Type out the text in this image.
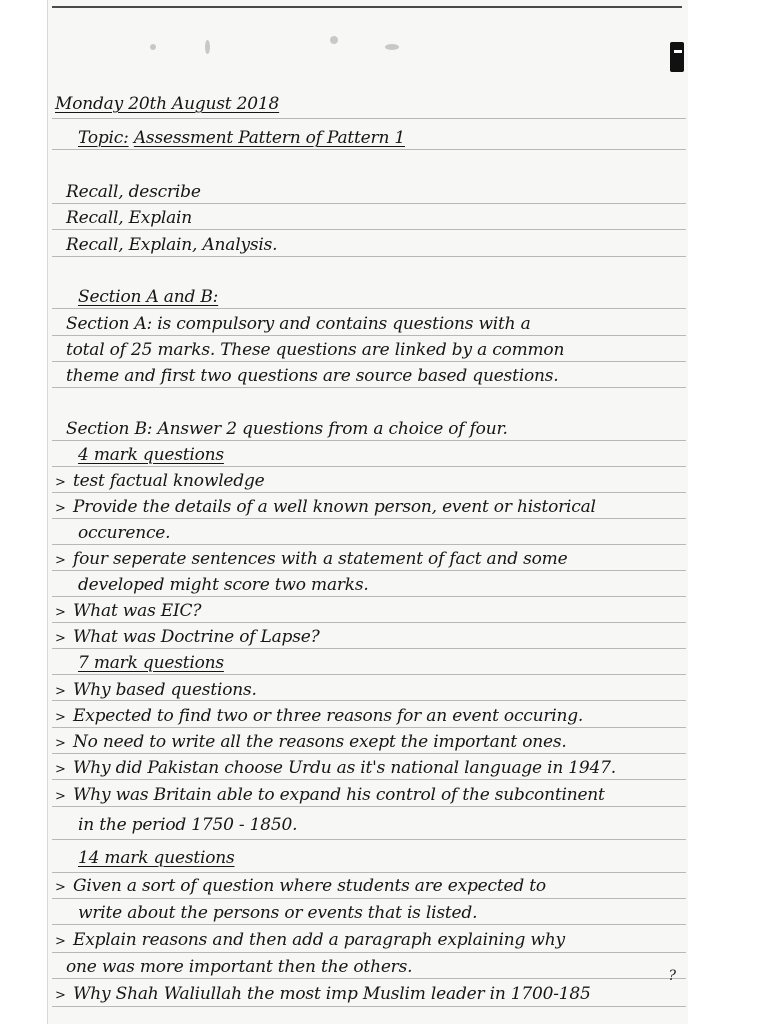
Monday 20th August 2018
Topic: Assessment Pattern of Pattern 1
Recall, describe
Recall, Explain
Recall, Explain, Analysis.
Section A and B:
Section A: is compulsory and contains questions with a
total of 25 marks. These questions are linked by a common
theme and first two questions are source based questions.
Section B: Answer 2 questions from a choice of four.
4 mark questions
> test factual knowledge
> Provide the details of a well known person, event or historical
occurence.
> four seperate sentences with a statement of fact and some
developed might score two marks.
> What was EIC?
> What was Doctrine of Lapse?
7 mark questions
> Why based questions.
> Expected to find two or three reasons for an event occuring.
> No need to write all the reasons exept the important ones.
> Why did Pakistan choose Urdu as it's national language in 1947.
> Why was Britain able to expand his control of the subcontinent
in the period 1750 - 1850.
14 mark questions
> Given a sort of question where students are expected to
write about the persons or events that is listed.
> Explain reasons and then add a paragraph explaining why
one was more important then the others.	?
> Why Shah Waliullah the most imp Muslim leader in 1700-185
